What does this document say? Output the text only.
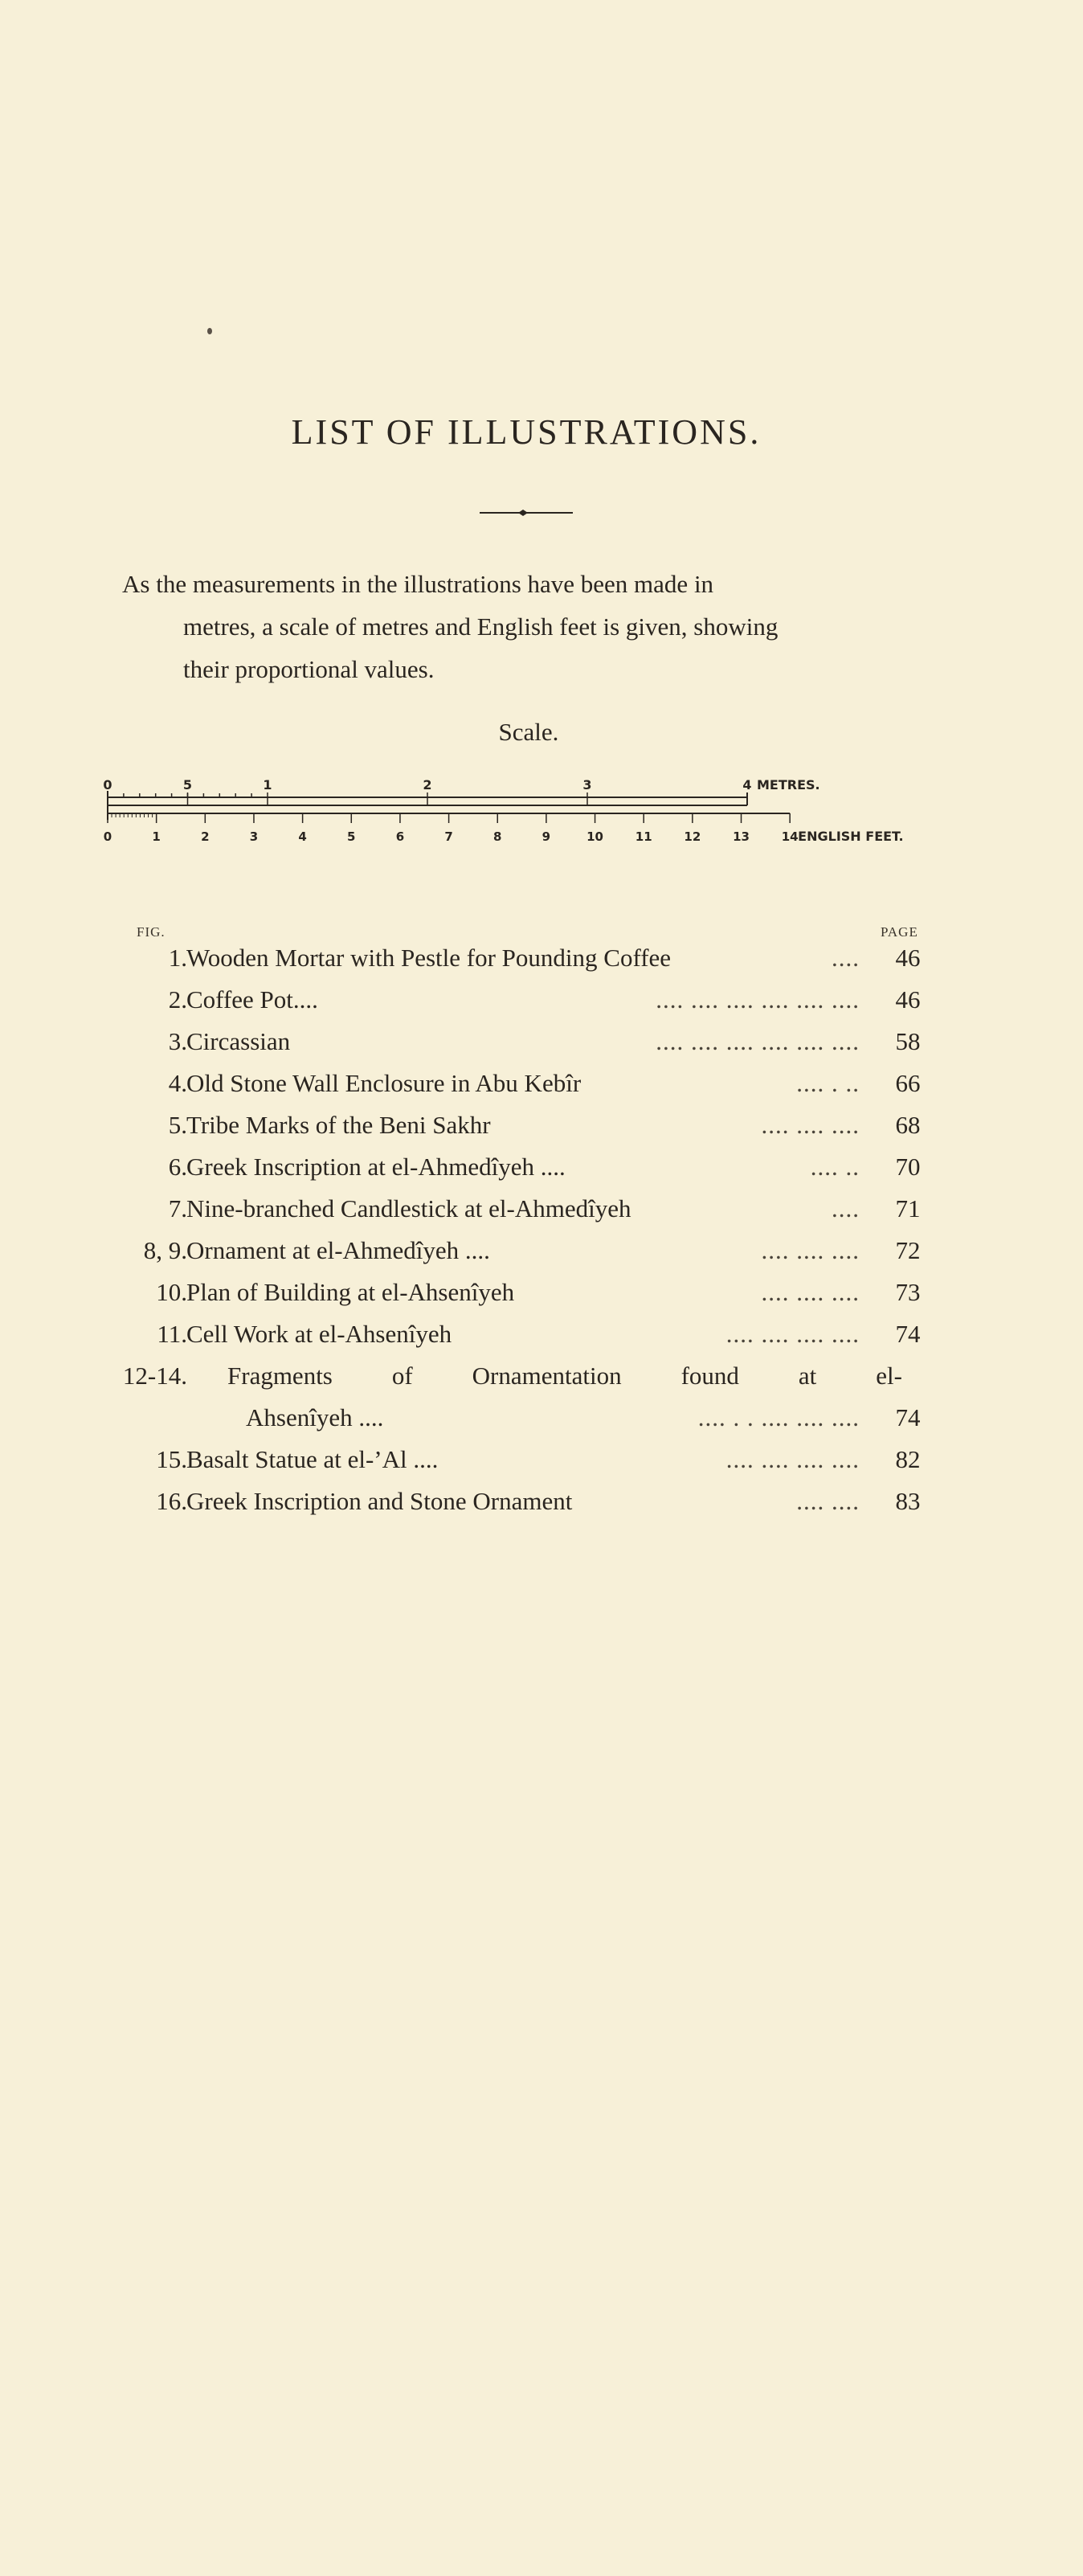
LIST OF ILLUSTRATIONS.
As the measurements in the illustrations have been made in
metres, a scale of metres and English feet is given, showing
their proportional values.
Scale.
0	5	1	2	3	4 METRES.
0	1	2	3	4	5	6	7	8	9	10	11	12	13	14 ENGLISH FEET.
FIG.	PAGE
1. Wooden Mortar with Pestle for Pounding Coffee	....	46
2. Coffee Pot....	.... .... .... .... .... ....	46
3. Circassian	.... .... .... .... .... ....	58
4. Old Stone Wall Enclosure in Abu Kebîr	.... . ..	66
5. Tribe Marks of the Beni Sakhr	.... .... ....	68
6. Greek Inscription at el-Ahmedîyeh ....	.... ..	70
7. Nine-branched Candlestick at el-Ahmedîyeh	....	71
8, 9. Ornament at el-Ahmedîyeh ....	.... .... ....	72
10. Plan of Building at el-Ahsenîyeh	.... .... ....	73
11. Cell Work at el-Ahsenîyeh	.... .... .... ....	74
12-14. Fragments of Ornamentation found at el-
Ahsenîyeh ....	.... . . .... .... ....	74
15. Basalt Statue at el-’Al ....	.... .... .... ....	82
16. Greek Inscription and Stone Ornament	.... ....	83
